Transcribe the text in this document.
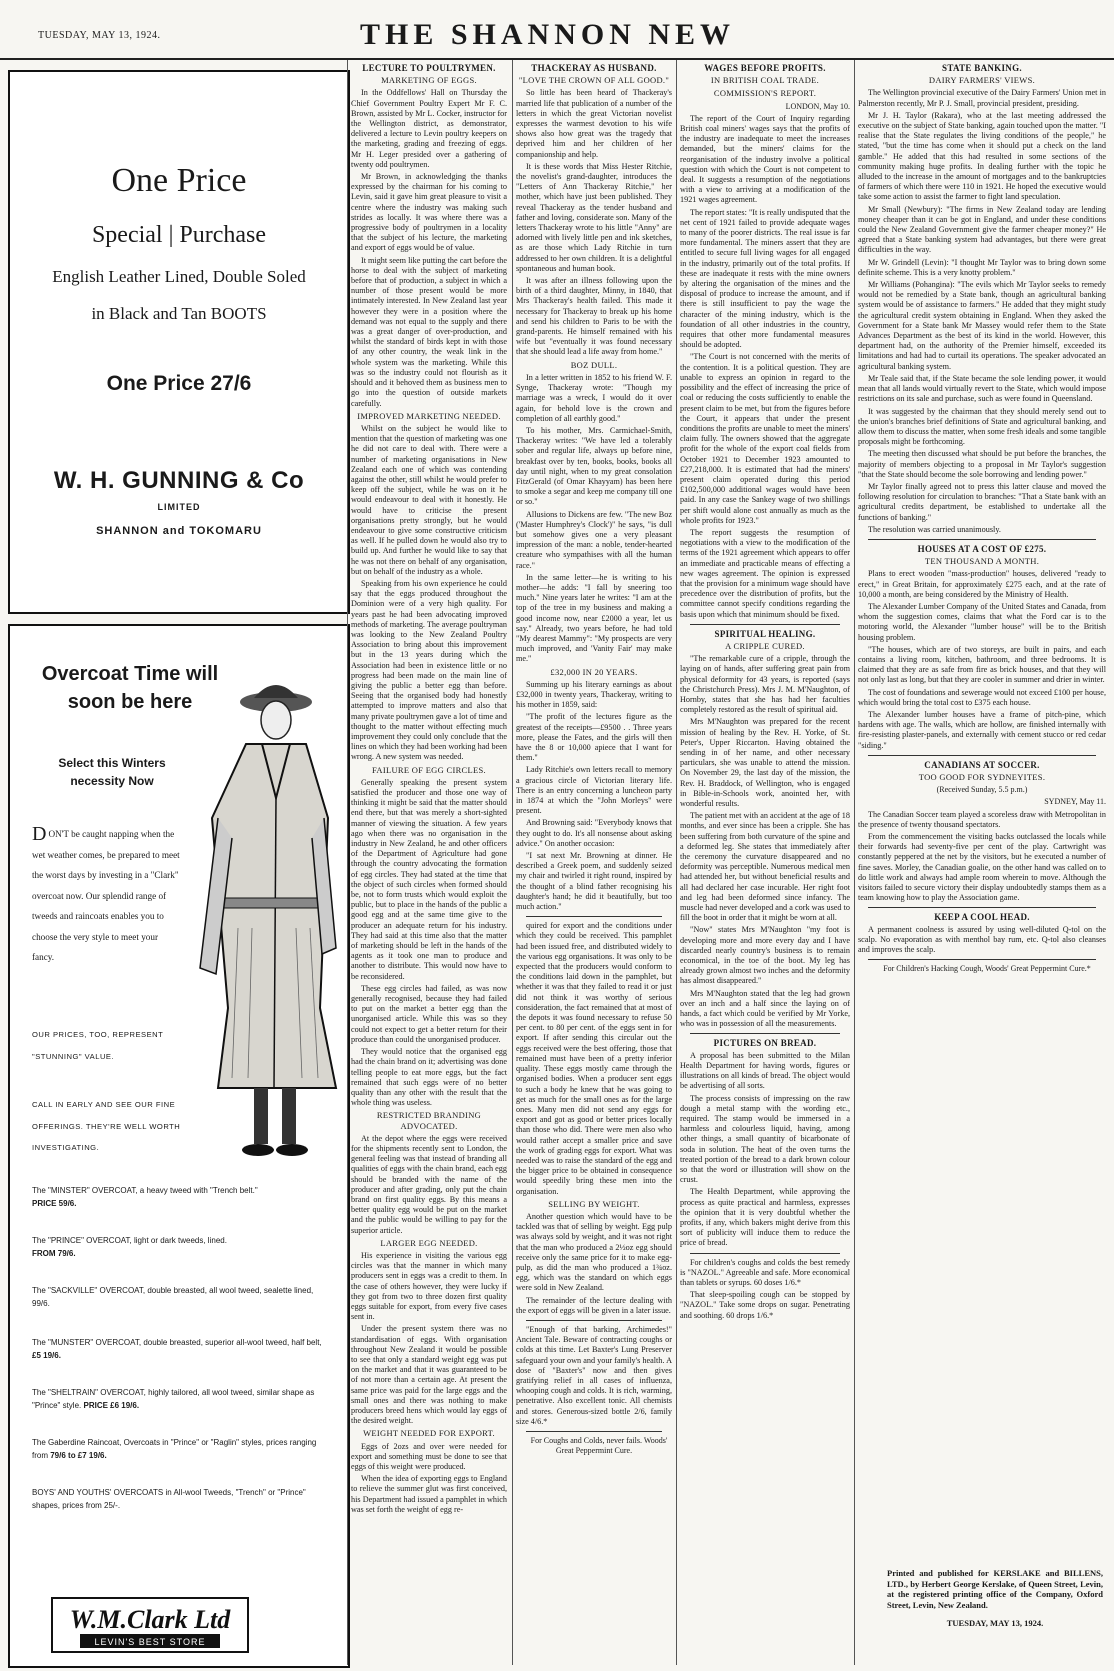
TUESDAY, MAY 13, 1924.	THE SHANNON NEW
One Price
Special | Purchase
English Leather Lined, Double Soled
in Black and Tan BOOTS
One Price 27/6
W. H. GUNNING & Co
LIMITED
SHANNON and TOKOMARU
Overcoat Time will soon be here
Select this Winters necessity Now
DON'T be caught napping when the wet weather comes, be prepared to meet the worst days by investing in a "Clark" overcoat now. Our splendid range of tweeds and raincoats enables you to choose the very style to meet your fancy.
OUR PRICES, TOO, REPRESENT "STUNNING" VALUE.
CALL IN EARLY AND SEE OUR FINE OFFERINGS. THEY'RE WELL WORTH INVESTIGATING.
The "MINSTER" OVERCOAT, a heavy tweed with "Trench belt."
PRICE 59/6.
The "PRINCE" OVERCOAT, light or dark tweeds, lined.
FROM 79/6.
The "SACKVILLE" OVERCOAT, double breasted, all wool tweed, sealette lined, 99/6.
The "MUNSTER" OVERCOAT, double breasted, superior all-wool tweed, half belt, £5 19/6.
The "SHELTRAIN" OVERCOAT, highly tailored, all wool tweed, similar shape as "Prince" style. PRICE £6 19/6.
The Gaberdine Raincoat, Overcoats in "Prince" or "Raglin" styles, prices ranging from 79/6 to £7 19/6.
BOYS' AND YOUTHS' OVERCOATS in All-wool Tweeds, "Trench" or "Prince" shapes, prices from 25/-.
W.M.Clark Ltd
LEVIN'S BEST STORE
LECTURE TO POULTRYMEN.
MARKETING OF EGGS.

In the Oddfellows' Hall on Thursday the Chief Government Poultry Expert Mr F. C. Brown, assisted by Mr L. Cocker, instructor for the Wellington district, as demonstrator, delivered a lecture to Levin poultry keepers on the marketing, grading and freezing of eggs. Mr H. Leger presided over a gathering of twenty odd poultrymen.

Mr Brown, in acknowledging the thanks expressed by the chairman for his coming to Levin, said it gave him great pleasure to visit a centre where the industry was making such strides as locally. It was where there was a progressive body of poultrymen in a locality that the subject of his lecture, the marketing and export of eggs would be of value.

It might seem like putting the cart before the horse to deal with the subject of marketing before that of production, a subject in which a number of those present would be more intimately interested. In New Zealand last year however they were in a position where the demand was not equal to the supply and there was a great danger of over-production, and whilst the standard of birds kept in with those of any other country, the weak link in the whole system was the marketing. While this was so the industry could not flourish as it should and it behoved them as business men to go into the question of outside markets carefully.

IMPROVED MARKETING NEEDED.

Whilst on the subject he would like to mention that the question of marketing was one he did not care to deal with. There were a number of marketing organisations in New Zealand each one of which was contending against the other, still whilst he would prefer to keep off the subject, while he was on it he would endeavour to deal with it honestly. He would have to criticise the present organisations pretty strongly, but he would endeavour to give some constructive criticism as well. If he pulled down he would also try to build up. And further he would like to say that he was not there on behalf of any organisation, but on behalf of the industry as a whole.

Speaking from his own experience he could say that the eggs produced throughout the Dominion were of a very high quality. For years past he had been advocating improved methods of marketing. The average poultryman was looking to the New Zealand Poultry Association to bring about this improvement but in the 13 years during which the Association had been in existence little or no progress had been made on the main line of giving the public a better egg than before. Seeing that the organised body had honestly attempted to improve matters and also that many private poultrymen gave a lot of time and thought to the matter without effecting much improvement they could only conclude that the lines on which they had been working had been wrong. A new system was needed.

FAILURE OF EGG CIRCLES.

Generally speaking the present system satisfied the producer and those one way of thinking it might be said that the matter should end there, but that was merely a short-sighted manner of viewing the situation. A few years ago when there was no organisation in the industry in New Zealand, he and other officers of the Department of Agriculture had gone through the country advocating the formation of egg circles. They had stated at the time that the object of such circles when formed should be, not to form trusts which would exploit the public, but to place in the hands of the public a good egg and at the same time give to the producer an adequate return for his industry. They had said at this time also that the matter of marketing should be left in the hands of the agents as it took one man to produce and another to distribute. This would now have to be reconsidered.

These egg circles had failed, as was now generally recognised, because they had failed to put on the market a better egg than the unorganised article. While this was so they could not expect to get a better return for their produce than could the unorganised producer.

They would notice that the organised egg had the chain brand on it; advertising was done telling people to eat more eggs, but the fact remained that such eggs were of no better quality than any other with the result that the whole thing was useless.

RESTRICTED BRANDING ADVOCATED.

At the depot where the eggs were received for the shipments recently sent to London, the general feeling was that instead of branding all qualities of eggs with the chain brand, each egg should be branded with the name of the producer and after grading, only put the chain brand on first quality eggs. By this means a better quality egg would be put on the market and the public would be willing to pay for the superior article.

LARGER EGG NEEDED.

His experience in visiting the various egg circles was that the manner in which many producers sent in eggs was a credit to them. In the case of others however, they were lucky if they got from two to three dozen first quality eggs suitable for export, from every five cases sent in.

Under the present system there was no standardisation of eggs. With organisation throughout New Zealand it would be possible to see that only a standard weight egg was put on the market and that it was guaranteed to be of not more than a certain age. At present the same price was paid for the large eggs and the small ones and there was nothing to make producers breed hens which would lay eggs of the desired weight.

WEIGHT NEEDED FOR EXPORT.

Eggs of 2ozs and over were needed for export and something must be done to see that eggs of this weight were produced.

When the idea of exporting eggs to England to relieve the summer glut was first conceived, his Department had issued a pamphlet in which was set forth the weight of egg re-

THACKERAY AS HUSBAND.
"LOVE THE CROWN OF ALL GOOD."

So little has been heard of Thackeray's married life that publication of a number of the letters in which the great Victorian novelist expresses the warmest devotion to his wife shows also how great was the tragedy that deprived him and her children of her companionship and help.

It is these words that Miss Hester Ritchie, the novelist's grand-daughter, introduces the "Letters of Ann Thackeray Ritchie," her mother, which have just been published. They reveal Thackeray as the tender husband and father and loving, considerate son. Many of the letters Thackeray wrote to his little "Anny" are adorned with lively little pen and ink sketches, as are those which Lady Ritchie in turn addressed to her own children. It is a delightful spontaneous and human book.

It was after an illness following upon the birth of a third daughter, Minny, in 1840, that Mrs Thackeray's health failed. This made it necessary for Thackeray to break up his home and send his children to Paris to be with the grand-parents. He himself remained with his wife but "eventually it was found necessary that she should lead a life away from home."

BOZ DULL.

In a letter written in 1852 to his friend W. F. Synge, Thackeray wrote: "Though my marriage was a wreck, I would do it over again, for behold love is the crown and completion of all earthly good."

To his mother, Mrs. Carmichael-Smith, Thackeray writes: "We have led a tolerably sober and regular life, always up before nine, breakfast over by ten, books, books, books all day until night, when to my great consolation FitzGerald (of Omar Khayyam) has been here to smoke a segar and keep me company till one or so."

Allusions to Dickens are few. "The new Boz ('Master Humphrey's Clock')" he says, "is dull but somehow gives one a very pleasant impression of the man: a noble, tender-hearted creature who sympathises with all the human race."

In the same letter—he is writing to his mother—he adds: "I fall by sneering too much." Nine years later he writes: "I am at the top of the tree in my business and making a good income now, near £2000 a year, let us say." Already, two years before, he had told "My dearest Mammy": "My prospects are very much improved, and 'Vanity Fair' may make me."

£32,000 IN 20 YEARS.

Summing up his literary earnings as about £32,000 in twenty years, Thackeray, writing to his mother in 1859, said:

"The profit of the lectures figure as the greatest of the receipts—£9500 . . Three years more, please the Fates, and the girls will then have the 8 or 10,000 apiece that I want for them."

Lady Ritchie's own letters recall to memory a gracious circle of Victorian literary life. There is an entry concerning a luncheon party in 1874 at which the "John Morleys" were present.

And Browning said: "Everybody knows that they ought to do. It's all nonsense about asking advice." On another occasion:

"I sat next Mr. Browning at dinner. He described a Greek poem, and suddenly seized my chair and twirled it right round, inspired by the thought of a blind father recognising his daughter's hand; he did it beautifully, but too much action."

quired for export and the conditions under which they could be received. This pamphlet had been issued free, and distributed widely to the various egg organisations. It was only to be expected that the producers would conform to the conditions laid down in the pamphlet, but whether it was that they failed to read it or just did not think it was worthy of serious consideration, the fact remained that at most of the depots it was found necessary to refuse 50 per cent. to 80 per cent. of the eggs sent in for export. If after sending this circular out the eggs received were the best offering, those that remained must have been of a pretty inferior quality. These eggs mostly came through the organised bodies. When a producer sent eggs to such a body he knew that he was going to get as much for the small ones as for the large ones. Many men did not send any eggs for export and got as good or better prices locally than those who did. There were men also who would rather accept a smaller price and save the work of grading eggs for export. What was needed was to raise the standard of the egg and the bigger price to be obtained in consequence would speedily bring these men into the organisation.

SELLING BY WEIGHT.

Another question which would have to be tackled was that of selling by weight. Egg pulp was always sold by weight, and it was not right that the man who produced a 2½oz egg should receive only the same price for it to make egg-pulp, as did the man who produced a 1¾oz. egg, which was the standard on which eggs were sold in New Zealand.

The remainder of the lecture dealing with the export of eggs will be given in a later issue.

"Enough of that barking, Archimedes!" Ancient Tale. Beware of contracting coughs or colds at this time. Let Baxter's Lung Preserver safeguard your own and your family's health. A dose of "Baxter's" now and then gives gratifying relief in all cases of influenza, whooping cough and colds. It is rich, warming, penetrative. Also excellent tonic. All chemists and stores. Generous-sized bottle 2/6, family size 4/6.*

For Coughs and Colds, never fails. Woods' Great Peppermint Cure.

WAGES BEFORE PROFITS.
IN BRITISH COAL TRADE.
COMMISSION'S REPORT.
LONDON, May 10.

The report of the Court of Inquiry regarding British coal miners' wages says that the profits of the industry are inadequate to meet the increases demanded, but the miners' claims for the reorganisation of the industry involve a political question with which the Court is not competent to deal. It suggests a resumption of the negotiations with a view to arriving at a modification of the 1921 wages agreement.

The report states: "It is really undisputed that the net cent of 1921 failed to provide adequate wages to many of the poorer districts. The real issue is far more fundamental. The miners assert that they are entitled to secure full living wages for all engaged in the industry, primarily out of the total profits. If these are inadequate it rests with the mine owners by altering the organisation of the mines and the disposal of produce to increase the amount, and if there is still insufficient to pay the wage the character of the mining industry, which is the foundation of all other industries in the country, requires that other more fundamental measures should be adopted.

"The Court is not concerned with the merits of the contention. It is a political question. They are unable to express an opinion in regard to the possibility and the effect of increasing the price of coal or reducing the costs sufficiently to enable the present claim to be met, but from the figures before the Court, it appears that under the present conditions the profits are unable to meet the miners' claim fully. The owners showed that the aggregate profit for the whole of the export coal fields from October 1921 to December 1923 amounted to £27,218,000. It is estimated that had the miners' present claim operated during this period £102,500,000 additional wages would have been paid. In any case the Sankey wage of two shillings per shift would alone cost annually as much as the whole profits for 1923."

The report suggests the resumption of negotiations with a view to the modification of the terms of the 1921 agreement which appears to offer an immediate and practicable means of effecting a new wages agreement. The opinion is expressed that the provision for a minimum wage should have precedence over the distribution of profits, but the committee cannot specify conditions regarding the basis upon which that minimum should be fixed.

SPIRITUAL HEALING.
A CRIPPLE CURED.

"The remarkable cure of a cripple, through the laying on of hands, after suffering great pain from physical deformity for 43 years, is reported (says the Christchurch Press). Mrs J. M. M'Naughton, of Hornby, states that she has had her faculties completely restored as the result of spiritual aid.

Mrs M'Naughton was prepared for the recent mission of healing by the Rev. H. Yorke, of St. Peter's, Upper Riccarton. Having obtained the sending in of her name, and other necessary particulars, she was unable to attend the mission. On November 29, the last day of the mission, the Rev. H. Braddock, of Wellington, who is engaged in Bible-in-Schools work, anointed her, with wonderful results.

The patient met with an accident at the age of 18 months, and ever since has been a cripple. She has been suffering from both curvature of the spine and a deformed leg. She states that immediately after the ceremony the curvature disappeared and no deformity was perceptible. Numerous medical men had attended her, but without beneficial results and all had declared her case incurable. Her right foot and leg had been deformed since infancy. The muscle had never developed and a cork was used to fill the boot in order that it might be worn at all.

"Now" states Mrs M'Naughton "my foot is developing more and more every day and I have discarded nearly country's business is to remain economical, in the toe of the boot. My leg has already grown almost two inches and the deformity has almost disappeared."

Mrs M'Naughton stated that the leg had grown over an inch and a half since the laying on of hands, a fact which could be verified by Mr Yorke, who was in possession of all the measurements.

PICTURES ON BREAD.

A proposal has been submitted to the Milan Health Department for having words, figures or illustrations on all kinds of bread. The object would be advertising of all sorts.

The process consists of impressing on the raw dough a metal stamp with the wording etc., required. The stamp would be immersed in a harmless and colourless liquid, having, among other things, a small quantity of bicarbonate of soda in solution. The heat of the oven turns the treated portion of the bread to a dark brown colour so that the word or illustration will show on the crust.

The Health Department, while approving the process as quite practical and harmless, expresses the opinion that it is very doubtful whether the profits, if any, which bakers might derive from this sort of publicity will induce them to reduce the price of bread.

For children's coughs and colds the best remedy is "NAZOL." Agreeable and safe. More economical than tablets or syrups. 60 doses 1/6.*

That sleep-spoiling cough can be stopped by "NAZOL." Take some drops on sugar. Penetrating and soothing. 60 drops 1/6.*

STATE BANKING.
DAIRY FARMERS' VIEWS.

The Wellington provincial executive of the Dairy Farmers' Union met in Palmerston recently, Mr P. J. Small, provincial president, presiding.

Mr J. H. Taylor (Rakara), who at the last meeting addressed the executive on the subject of State banking, again touched upon the matter. "I realise that the State regulates the living conditions of the people," he stated, "but the time has come when it should put a check on the land gamble." He added that this had resulted in some sections of the community making huge profits. In dealing further with the topic he alluded to the increase in the amount of mortgages and to the bankruptcies of farmers of which there were 110 in 1921. He hoped the executive would take some action to assist the farmer to fight land speculation.

Mr Small (Newbury): "The firms in New Zealand today are lending money cheaper than it can be got in England, and under these conditions could the New Zealand Government give the farmer cheaper money?" He agreed that a State banking system had advantages, but there were great difficulties in the way.

Mr W. Grindell (Levin): "I thought Mr Taylor was to bring down some definite scheme. This is a very knotty problem."

Mr Williams (Pohangina): "The evils which Mr Taylor seeks to remedy would not be remedied by a State bank, though an agricultural banking system would be of assistance to farmers." He added that they might study the agricultural credit system obtaining in England. When they asked the Government for a State bank Mr Massey would refer them to the State Advances Department as the best of its kind in the world. However, this department had, on the authority of the Premier himself, exceeded its limitations and had had to curtail its operations. The speaker advocated an agricultural banking system.

Mr Teale said that, if the State became the sole lending power, it would mean that all lands would virtually revert to the State, which would impose restrictions on its sale and purchase, such as were found in Queensland.

It was suggested by the chairman that they should merely send out to the union's branches brief definitions of State and agricultural banking, and allow them to discuss the matter, when some fresh ideals and some tangible proposals might be forthcoming.

The meeting then discussed what should be put before the branches, the majority of members objecting to a proposal in Mr Taylor's suggestion "that the State should become the sole borrowing and lending power."

Mr Taylor finally agreed not to press this latter clause and moved the following resolution for circulation to branches: "That a State bank with an agricultural credits department, be established to undertake all the functions of banking."

The resolution was carried unanimously.

HOUSES AT A COST OF £275.
TEN THOUSAND A MONTH.

Plans to erect wooden "mass-production" houses, delivered "ready to erect," in Great Britain, for approximately £275 each, and at the rate of 10,000 a month, are being considered by the Ministry of Health.

The Alexander Lumber Company of the United States and Canada, from whom the suggestion comes, claims that what the Ford car is to the motoring world, the Alexander "lumber house" will be to the British housing problem.

"The houses, which are of two storeys, are built in pairs, and each contains a living room, kitchen, bathroom, and three bedrooms. It is claimed that they are as safe from fire as brick houses, and that they will not only last as long, but that they are cooler in summer and drier in winter.

The cost of foundations and sewerage would not exceed £100 per house, which would bring the total cost to £375 each house.

The Alexander lumber houses have a frame of pitch-pine, which hardens with age. The walls, which are hollow, are finished internally with fire-resisting plaster-panels, and externally with cement stucco or red cedar "siding."

CANADIANS AT SOCCER.
TOO GOOD FOR SYDNEYITES.
(Received Sunday, 5.5 p.m.)
SYDNEY, May 11.

The Canadian Soccer team played a scoreless draw with Metropolitan in the presence of twenty thousand spectators.

From the commencement the visiting backs outclassed the locals while their forwards had seventy-five per cent of the play. Cartwright was constantly peppered at the net by the visitors, but he executed a number of fine saves. Morley, the Canadian goalie, on the other hand was called on to do little work and always had ample room wherein to move. Although the visitors failed to secure victory their display undoubtedly stamps them as a team knowing how to play the Association game.

KEEP A COOL HEAD.

A permanent coolness is assured by using well-diluted Q-tol on the scalp. No evaporation as with menthol bay rum, etc. Q-tol also cleanses and improves the scalp.

For Children's Hacking Cough, Woods' Great Peppermint Cure.*

Printed and published for KERSLAKE and BILLENS, LTD., by Herbert George Kerslake, of Queen Street, Levin, at the registered printing office of the Company, Oxford Street, Levin, New Zealand.
TUESDAY, MAY 13, 1924.
